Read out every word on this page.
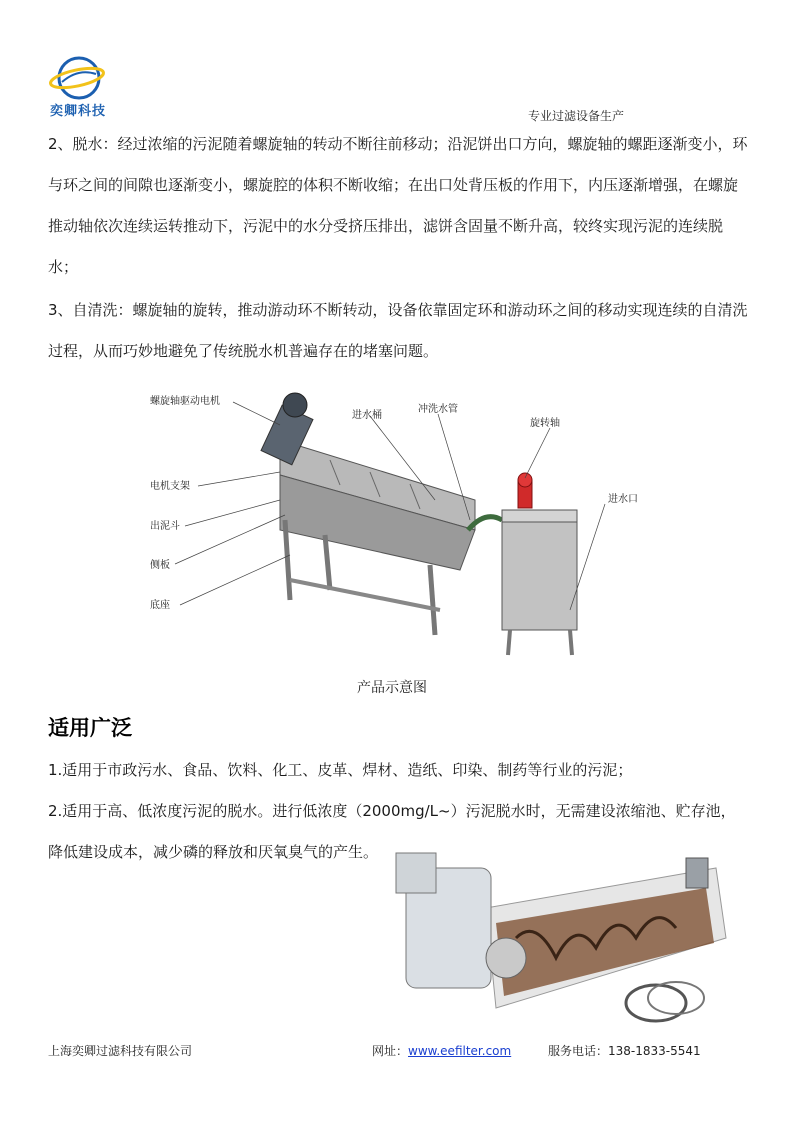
奕卿科技	专业过滤设备生产
2、脱水：经过浓缩的污泥随着螺旋轴的转动不断往前移动；沿泥饼出口方向，螺旋轴的螺距逐渐变小，环与环之间的间隙也逐渐变小，螺旋腔的体积不断收缩；在出口处背压板的作用下，内压逐渐增强，在螺旋推动轴依次连续运转推动下，污泥中的水分受挤压排出，滤饼含固量不断升高，较终实现污泥的连续脱水；
3、自清洗：螺旋轴的旋转，推动游动环不断转动，设备依靠固定环和游动环之间的移动实现连续的自清洗过程，从而巧妙地避免了传统脱水机普遍存在的堵塞问题。
螺旋轴驱动电机
电机支架
出泥斗
侧板
底座
进水桶
冲洗水管
旋转轴
进水口
产品示意图
适用广泛
1.适用于市政污水、食品、饮料、化工、皮革、焊材、造纸、印染、制药等行业的污泥；
2.适用于高、低浓度污泥的脱水。进行低浓度（2000mg/L~）污泥脱水时，无需建设浓缩池、贮存池，降低建设成本，减少磷的释放和厌氧臭气的产生。
上海奕卿过滤科技有限公司	网址：www.eefilter.com	服务电话：138-1833-5541
